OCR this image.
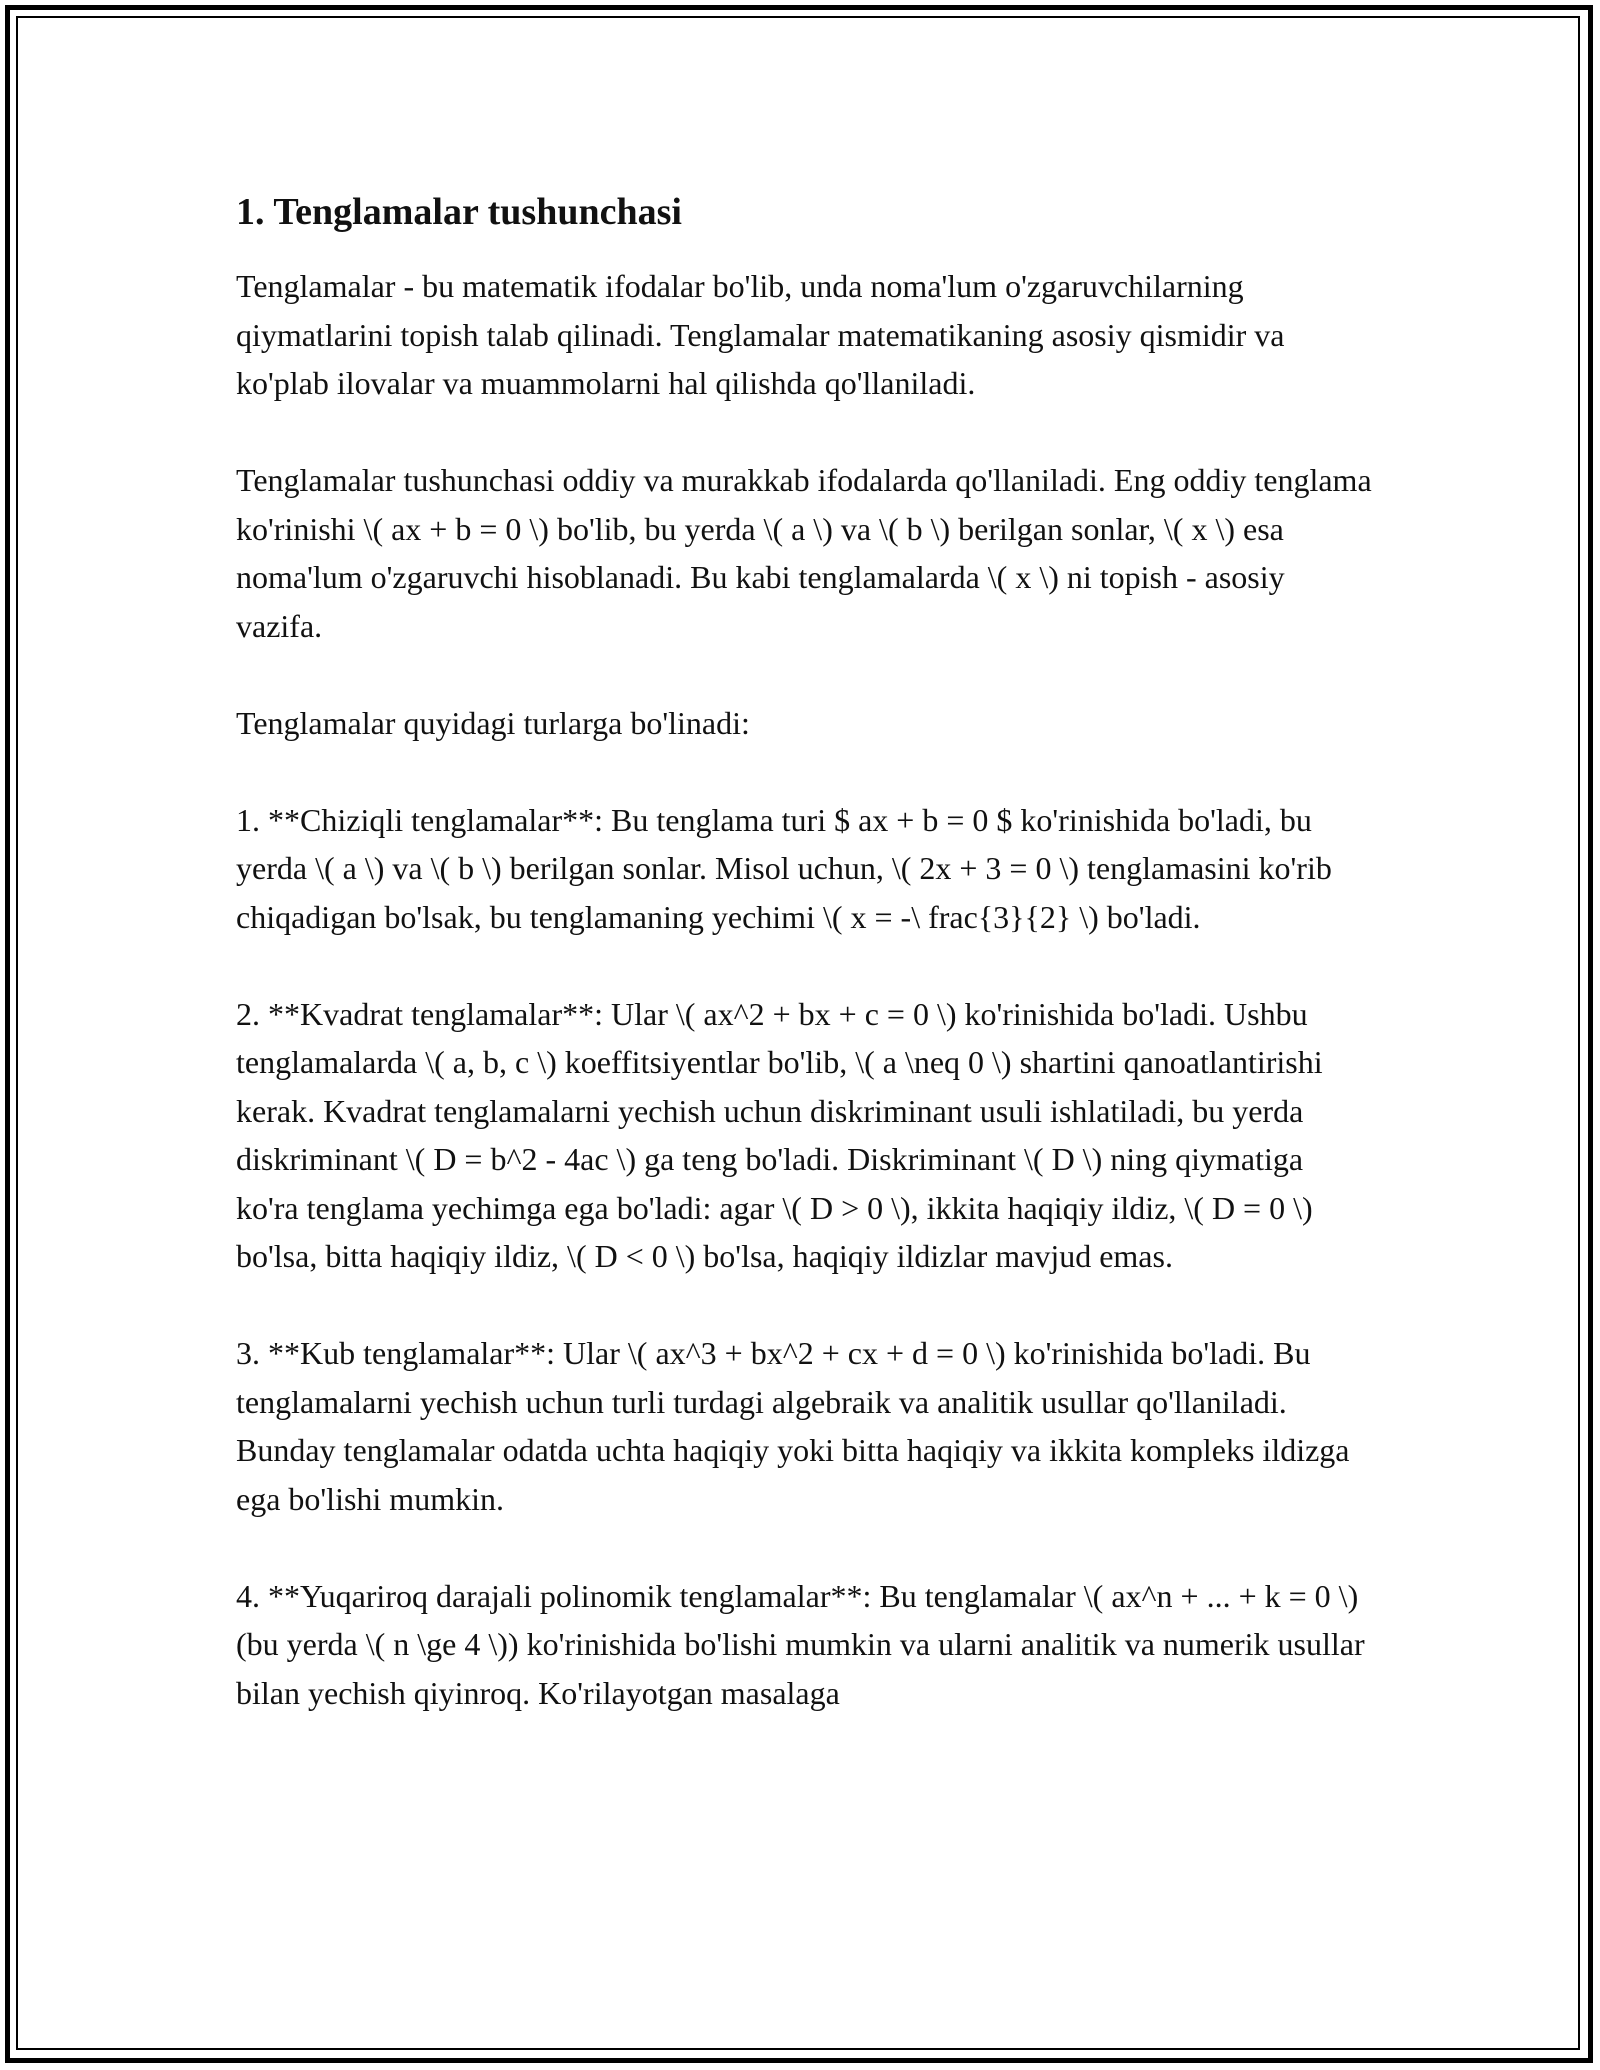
1. Tenglamalar tushunchasi

Tenglamalar - bu matematik ifodalar bo'lib, unda noma'lum o'zgaruvchilarning qiymatlarini topish talab qilinadi. Tenglamalar matematikaning asosiy qismidir va ko'plab ilovalar va muammolarni hal qilishda qo'llaniladi.

Tenglamalar tushunchasi oddiy va murakkab ifodalarda qo'llaniladi. Eng oddiy tenglama ko'rinishi \( ax + b = 0 \) bo'lib, bu yerda \( a \) va \( b \) berilgan sonlar, \( x \) esa noma'lum o'zgaruvchi hisoblanadi. Bu kabi tenglamalarda \( x \) ni topish - asosiy vazifa.

Tenglamalar quyidagi turlarga bo'linadi:

1. **Chiziqli tenglamalar**: Bu tenglama turi $ ax + b = 0 $ ko'rinishida bo'ladi, bu yerda \( a \) va \( b \) berilgan sonlar. Misol uchun, \( 2x + 3 = 0 \) tenglamasini ko'rib chiqadigan bo'lsak, bu tenglamaning yechimi \( x = -\ frac{3}{2} \) bo'ladi.

2. **Kvadrat tenglamalar**: Ular \( ax^2 + bx + c = 0 \) ko'rinishida bo'ladi. Ushbu tenglamalarda \( a, b, c \) koeffitsiyentlar bo'lib, \( a \neq 0 \) shartini qanoatlantirishi kerak. Kvadrat tenglamalarni yechish uchun diskriminant usuli ishlatiladi, bu yerda diskriminant \( D = b^2 - 4ac \) ga teng bo'ladi. Diskriminant \( D \) ning qiymatiga ko'ra tenglama yechimga ega bo'ladi: agar \( D > 0 \), ikkita haqiqiy ildiz, \( D = 0 \) bo'lsa, bitta haqiqiy ildiz, \( D < 0 \) bo'lsa, haqiqiy ildizlar mavjud emas.

3. **Kub tenglamalar**: Ular \( ax^3 + bx^2 + cx + d = 0 \) ko'rinishida bo'ladi. Bu tenglamalarni yechish uchun turli turdagi algebraik va analitik usullar qo'llaniladi. Bunday tenglamalar odatda uchta haqiqiy yoki bitta haqiqiy va ikkita kompleks ildizga ega bo'lishi mumkin.

4. **Yuqariroq darajali polinomik tenglamalar**: Bu tenglamalar \( ax^n + ... + k = 0 \) (bu yerda \( n \ge 4 \)) ko'rinishida bo'lishi mumkin va ularni analitik va numerik usullar bilan yechish qiyinroq. Ko'rilayotgan masalaga
